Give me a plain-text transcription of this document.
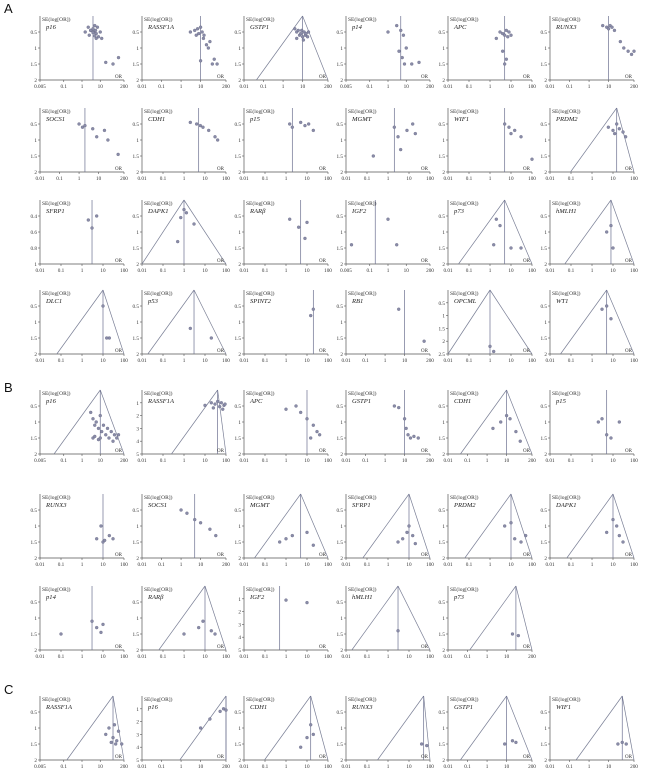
A
B
C
0.5
1
1.5
2
0.005	0.1	1	10	200
SE(log[OR])
p16
OR
0.5
1
1.5
2
0.01 0.1	1	10	200
SE(log[OR])
RASSF1A
OR
0.5
1
1.5
2
0.01 0.1	1	10	200
SE(log[OR])
GSTP1
OR
0.5
1
1.5
2
0.005	0.1	1	10	200
SE(log[OR])
p14
OR
0.5
1
1.5
2
0.01	0.1	1	10	100
SE(log[OR])
APC
OR
0.5
1
1.5
2
0.01 0.1	1	10	200
SE(log[OR])
RUNX3
OR
0.5
1
1.5
2
0.01 0.1	1	10	200
SE(log[OR])
SOCS1
OR
0.5
1
1.5
2
0.01	0.1	1	10	100
SE(log[OR])
CDH1
OR
0.5
1
1.5
2
0.01	0.1	1	10	100
SE(log[OR])
p15
OR
0.5
1
1.5
2
0.01	0.1	1	10	100
SE(log[OR])
MGMT
OR
0.5
1
1.5
2
0.01	0.1	1	10	100
SE(log[OR])
WIF1
OR
0.5
1
1.5
2
0.01	0.1	1	10	100
SE(log[OR])
PRDM2
OR
0.4
0.6
0.8
1
0.01	0.1	1	10	100
SE(log[OR])
SFRP1
OR
0.5
1
1.5
2
0.01	0.1	1	10	100
SE(log[OR])
DAPK1
OR
0.5
1
1.5
2
0.01	0.1	1	10	100
SE(log[OR])
RARβ
OR
0.5
1
1.5
2
0.005	0.1	1	10	200
SE(log[OR])
IGF2
OR
0.5
1
1.5
2
0.01	0.1	1	10	100
SE(log[OR])
p73
OR
0.5
1
1.5
2
0.01	0.1	1	10	100
SE(log[OR])
hMLH1
OR
0.5
1
1.5
2
0.01	0.1	1	10	100
SE(log[OR])
DLC1
OR
0.5
1
1.5
2
0.01	0.1	1	10	100
SE(log[OR])
p53
OR
0.5
1
1.5
2
0.01	0.1	1	10	100
SE(log[OR])
SPINT2
OR
0.5
1
1.5
2
0.01 0.1	1	10	200
SE(log[OR])
RB1
OR
0.5
1
1.5
2
2.5
0.01	0.1	1	10	100
SE(log[OR])
OPCML
OR
0.5
1
1.5
2
0.01	0.1	1	10	100
SE(log[OR])
WT1
OR
0.5
1
1.5
2
0.005	0.1	1	10	200
SE(log[OR])
p16
OR
1
2
3
4
5
0.01	0.1	1	10	100
SE(log[OR])
RASSF1A
OR
0.5
1
1.5
2
0.01	0.1	1	10	100
SE(log[OR])
APC
OR
0.5
1
1.5
2
0.01 0.1	1	10	200
SE(log[OR])
GSTP1
OR
0.5
1
1.5
2
0.01 0.1	1	10	200
SE(log[OR])
CDH1
OR
0.5
1
1.5
2
0.01	0.1	1	10	100
SE(log[OR])
p15
OR
0.5
1
1.5
2
0.01	0.1	1	10	100
SE(log[OR])
RUNX3
OR
0.5
1
1.5
2
0.01 0.1	1	10	200
SE(log[OR])
SOCS1
OR
0.5
1
1.5
2
0.01	0.1	1	10	100
SE(log[OR])
MGMT
OR
0.5
1
1.5
2
0.01	0.1	1	10	100
SE(log[OR])
SFRP1
OR
0.5
1
1.5
2
0.01	0.1	1	10	100
SE(log[OR])
PRDM2
OR
0.5
1
1.5
2
0.01	0.1	1	10	100
SE(log[OR])
DAPK1
OR
0.5
1
1.5
2
0.01	0.1	1	10	100
SE(log[OR])
p14
OR
0.5
1
1.5
2
0.01	0.1	1	10	100
SE(log[OR])
RARβ
OR
1
2
3
4
5
0.01	0.1	1	10	100
SE(log[OR])
IGF2
OR
0.5
1
1.5
2
0.01	0.1	1	10	100
SE(log[OR])
hMLH1
OR
0.5
1
1.5
2
0.01 0.1	1	10	200
SE(log[OR])
p73
OR
0.5
1
1.5
2
0.005	0.1	1	10	200
SE(log[OR])
RASSF1A
OR
1
2
3
4
5
0.01 0.1	1	10	200
SE(log[OR])
p16
OR
0.5
1
1.5
2
0.01	0.1	1	10	100
SE(log[OR])
CDH1
OR
0.5
1
1.5
2
0.01	0.1	1	10	100
SE(log[OR])
RUNX3
OR
0.5
1
1.5
2
0.01 0.1	1	10	200
SE(log[OR])
GSTP1
OR
0.5
1
1.5
2
0.01 0.1	1	10	200
SE(log[OR])
WIF1
OR
